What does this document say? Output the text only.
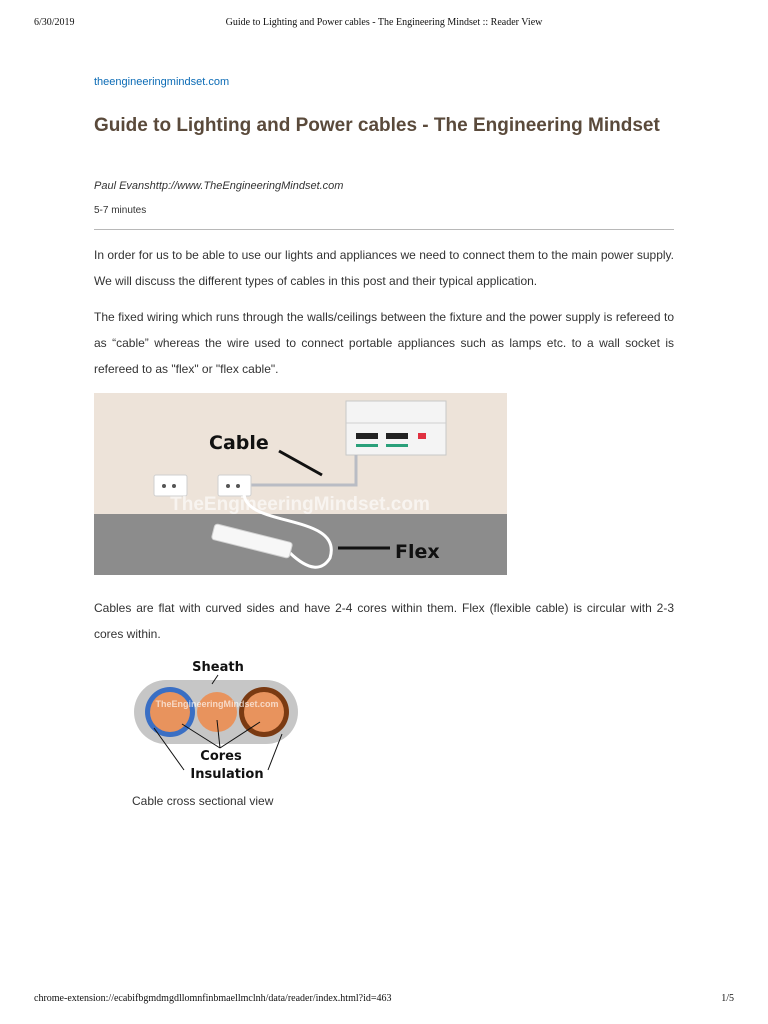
6/30/2019	Guide to Lighting and Power cables - The Engineering Mindset :: Reader View
theengineeringmindset.com
Guide to Lighting and Power cables - The Engineering Mindset
Paul Evanshttp://www.TheEngineeringMindset.com
5-7 minutes

In order for us to be able to use our lights and appliances we need to connect them to the main power supply. We will discuss the different types of cables in this post and their typical application.

The fixed wiring which runs through the walls/ceilings between the fixture and the power supply is refereed to as “cable” whereas the wire used to connect portable appliances such as lamps etc. to a wall socket is refereed to as "flex" or "flex cable".

TheEngineeringMindset.com
Cable
Flex

Cables are flat with curved sides and have 2-4 cores within them. Flex (flexible cable) is circular with 2-3 cores within.

TheEngineeringMindset.com
Sheath
Cores
Insulation
Cable cross sectional view
chrome-extension://ecabifbgmdmgdllomnfinbmaellmclnh/data/reader/index.html?id=463	1/5
